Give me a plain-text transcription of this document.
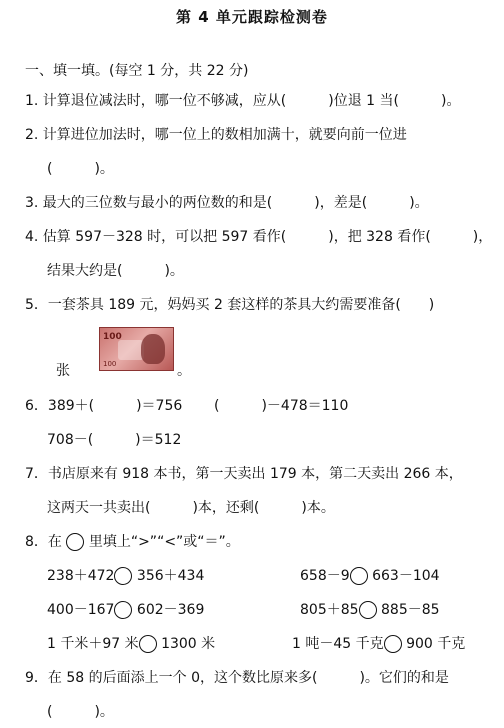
第 4 单元跟踪检测卷
一、填一填。(每空 1 分，共 22 分)
1. 计算退位减法时，哪一位不够减，应从(　　　)位退 1 当(　　　)。
2. 计算进位加法时，哪一位上的数相加满十，就要向前一位进
(　　　)。
3. 最大的三位数与最小的两位数的和是(　　　)，差是(　　　)。
4. 估算 597－328 时，可以把 597 看作(　　　)，把 328 看作(　　　)，
结果大约是(　　　)。
5．一套茶具 189 元，妈妈买 2 套这样的茶具大约需要准备(　　)
100
100
张	。
6．389＋(　　　)＝756 (　　　)－478＝110
708－(　　　)＝512
7．书店原来有 918 本书，第一天卖出 179 本，第二天卖出 266 本，
这两天一共卖出(　　　)本，还剩(　　　)本。
8．在 里填上“>”“<”或“＝”。
238＋472 356＋434	658－9 663－104
400－167 602－369	805＋85 885－85
1 千米＋97 米 1300 米	1 吨－45 千克 900 千克
9．在 58 的后面添上一个 0，这个数比原来多(　　　)。它们的和是
(　　　)。
